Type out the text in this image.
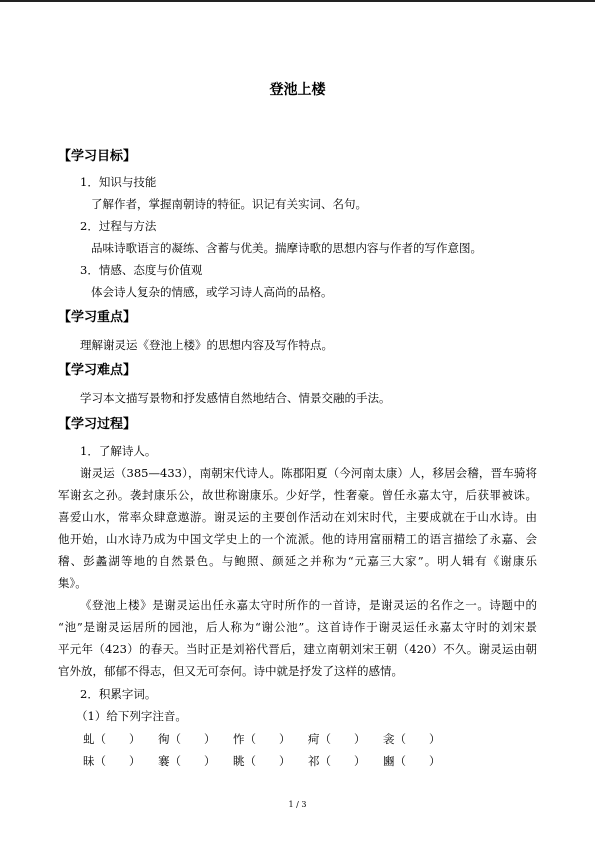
登池上楼
【学习目标】
1．知识与技能
了解作者，掌握南朝诗的特征。识记有关实词、名句。
2．过程与方法
品味诗歌语言的凝练、含蓄与优美。揣摩诗歌的思想内容与作者的写作意图。
3．情感、态度与价值观
体会诗人复杂的情感，或学习诗人高尚的品格。
【学习重点】
理解谢灵运《登池上楼》的思想内容及写作特点。
【学习难点】
学习本文描写景物和抒发感情自然地结合、情景交融的手法。
【学习过程】
1．了解诗人。
谢灵运（385—433），南朝宋代诗人。陈郡阳夏（今河南太康）人，移居会稽，晋车骑将
军谢玄之孙。袭封康乐公，故世称谢康乐。少好学，性奢豪。曾任永嘉太守，后获罪被诛。
喜爱山水，常率众肆意遨游。谢灵运的主要创作活动在刘宋时代，主要成就在于山水诗。由
他开始，山水诗乃成为中国文学史上的一个流派。他的诗用富丽精工的语言描绘了永嘉、会
稽、彭蠡湖等地的自然景色。与鲍照、颜延之并称为“元嘉三大家”。明人辑有《谢康乐
集》。
《登池上楼》是谢灵运出任永嘉太守时所作的一首诗，是谢灵运的名作之一。诗题中的
“池”是谢灵运居所的园池，后人称为“谢公池”。这首诗作于谢灵运任永嘉太守时的刘宋景
平元年（423）的春天。当时正是刘裕代晋后，建立南朝刘宋王朝（420）不久。谢灵运由朝
官外放，郁郁不得志，但又无可奈何。诗中就是抒发了这样的感情。
2．积累字词。
（1）给下列字注音。
虬（　　） 徇（　　） 怍（　　） 疴（　　） 衾（　　）
昧（　　） 褰（　　） 眺（　　） 祁（　　） 豳（　　）
1 / 3
